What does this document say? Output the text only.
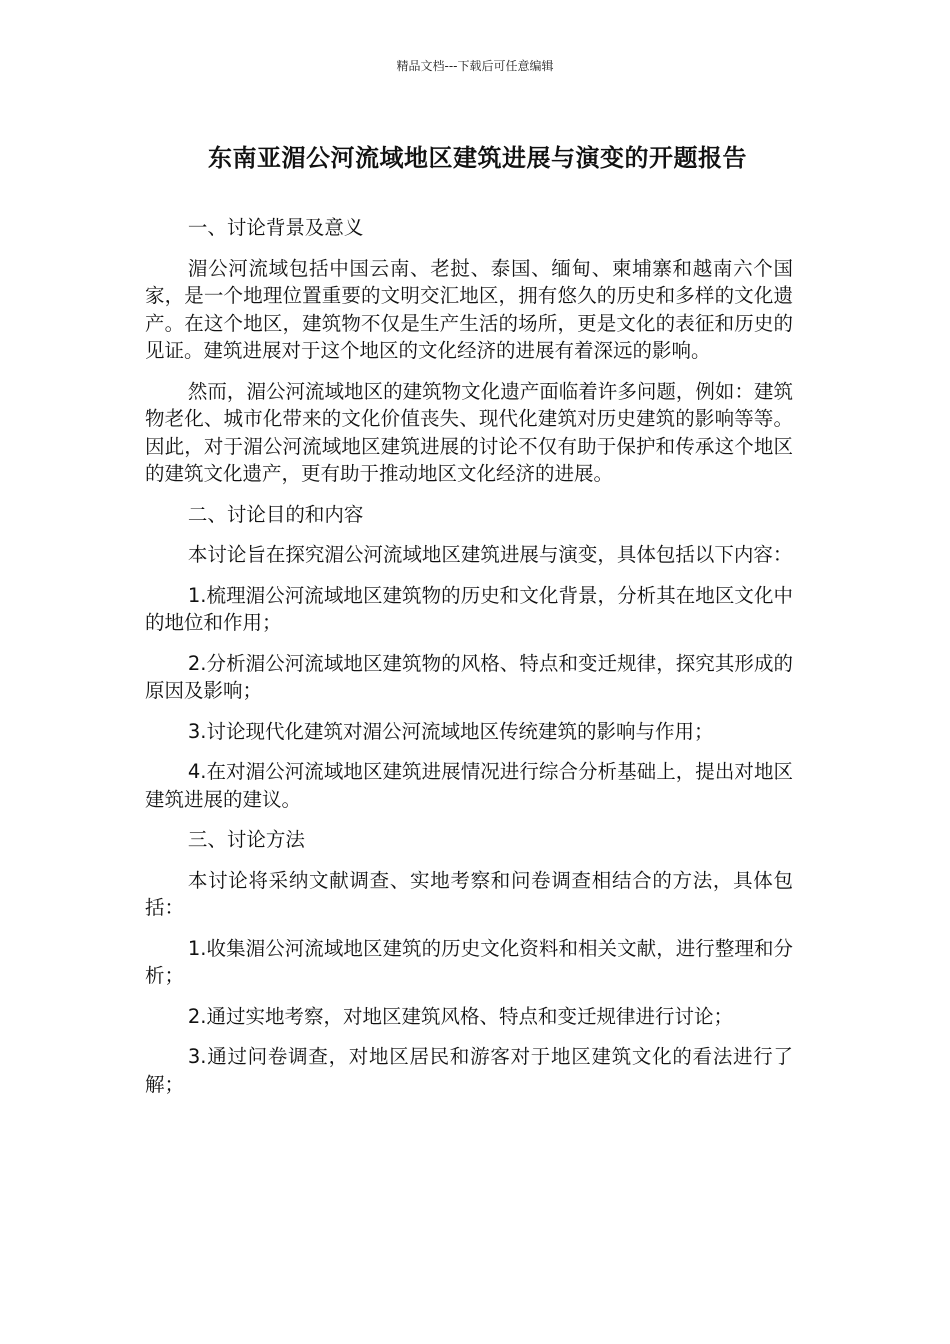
精品文档---下载后可任意编辑
东南亚湄公河流域地区建筑进展与演变的开题报告

一、讨论背景及意义

湄公河流域包括中国云南、老挝、泰国、缅甸、柬埔寨和越南六个国家，是一个地理位置重要的文明交汇地区，拥有悠久的历史和多样的文化遗产。在这个地区，建筑物不仅是生产生活的场所，更是文化的表征和历史的见证。建筑进展对于这个地区的文化经济的进展有着深远的影响。

然而，湄公河流域地区的建筑物文化遗产面临着许多问题，例如：建筑物老化、城市化带来的文化价值丧失、现代化建筑对历史建筑的影响等等。因此，对于湄公河流域地区建筑进展的讨论不仅有助于保护和传承这个地区的建筑文化遗产，更有助于推动地区文化经济的进展。

二、讨论目的和内容

本讨论旨在探究湄公河流域地区建筑进展与演变，具体包括以下内容：

1.梳理湄公河流域地区建筑物的历史和文化背景，分析其在地区文化中的地位和作用；

2.分析湄公河流域地区建筑物的风格、特点和变迁规律，探究其形成的原因及影响；

3.讨论现代化建筑对湄公河流域地区传统建筑的影响与作用；

4.在对湄公河流域地区建筑进展情况进行综合分析基础上，提出对地区建筑进展的建议。

三、讨论方法

本讨论将采纳文献调查、实地考察和问卷调查相结合的方法，具体包括：

1.收集湄公河流域地区建筑的历史文化资料和相关文献，进行整理和分析；

2.通过实地考察，对地区建筑风格、特点和变迁规律进行讨论；

3.通过问卷调查，对地区居民和游客对于地区建筑文化的看法进行了解；
